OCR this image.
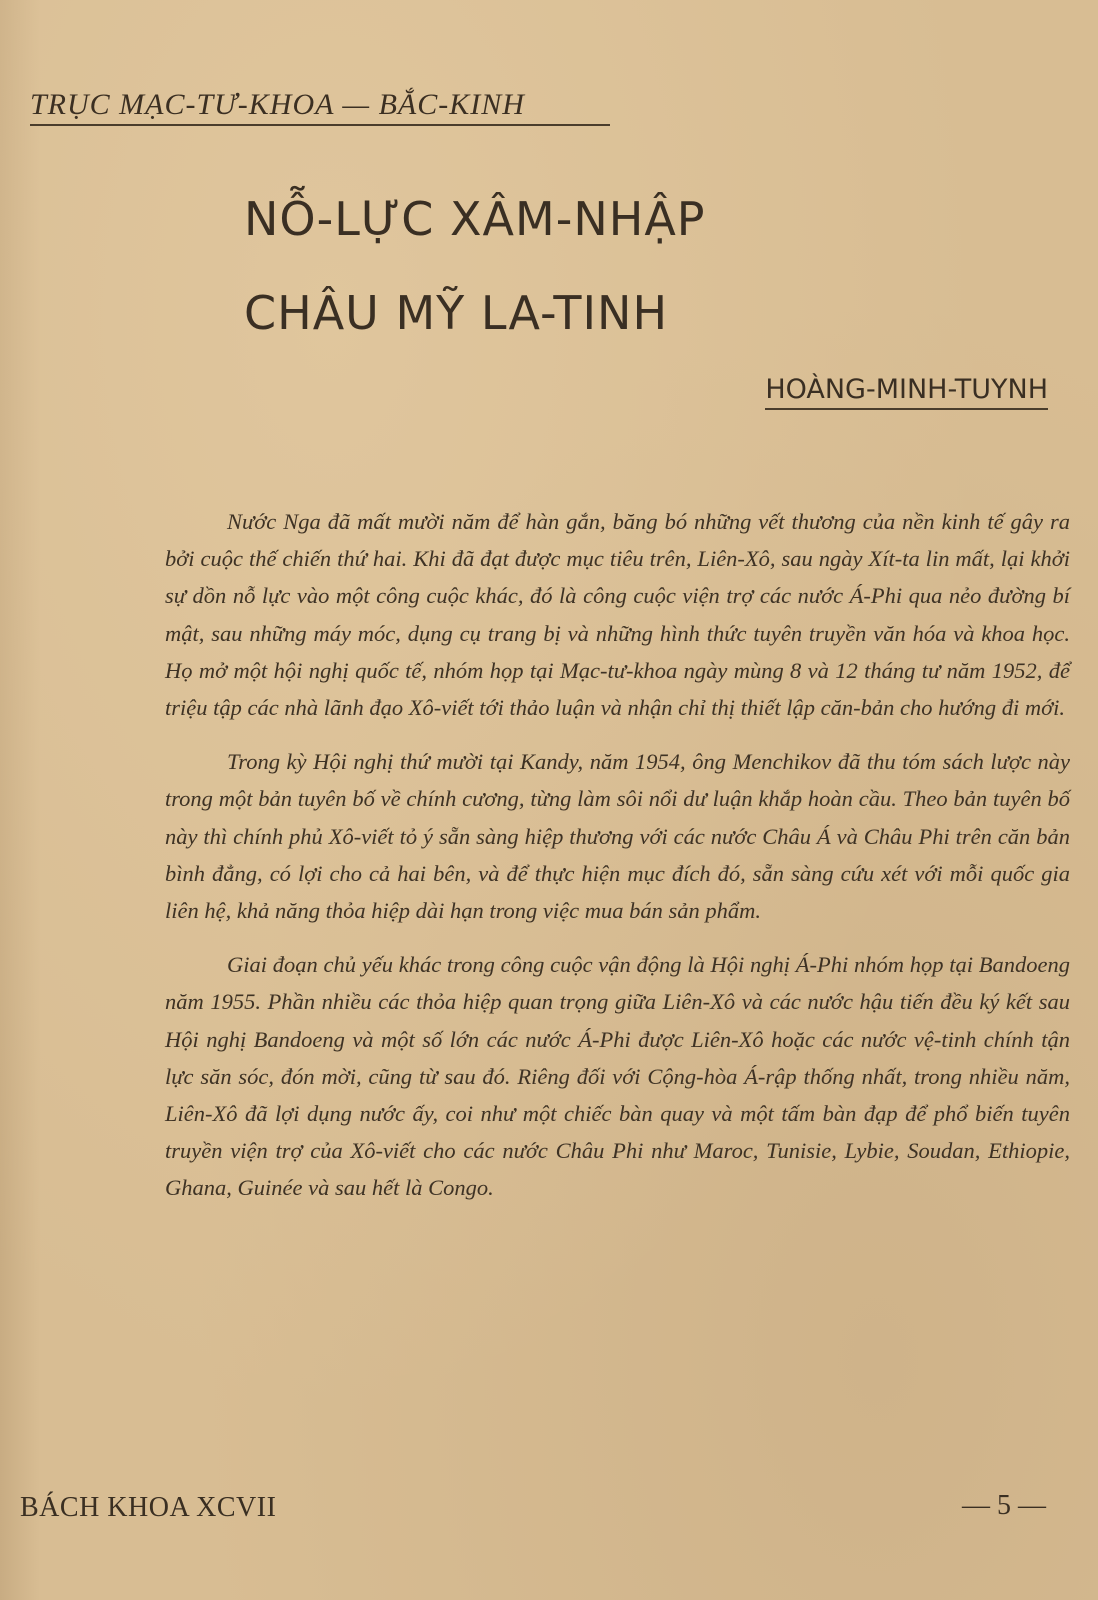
TRỤC MẠC-TƯ-KHOA — BẮC-KINH
NỖ-LỰC XÂM-NHẬP
CHÂU MỸ LA-TINH
HOÀNG-MINH-TUYNH

Nước Nga đã mất mười năm để hàn gắn, băng bó những vết thương của nền kinh tế gây ra bởi cuộc thế chiến thứ hai. Khi đã đạt được mục tiêu trên, Liên-Xô, sau ngày Xít-ta lin mất, lại khởi sự dồn nỗ lực vào một công cuộc khác, đó là công cuộc viện trợ các nước Á-Phi qua nẻo đường bí mật, sau những máy móc, dụng cụ trang bị và những hình thức tuyên truyền văn hóa và khoa học. Họ mở một hội nghị quốc tế, nhóm họp tại Mạc-tư-khoa ngày mùng 8 và 12 tháng tư năm 1952, để triệu tập các nhà lãnh đạo Xô-viết tới thảo luận và nhận chỉ thị thiết lập căn-bản cho hướng đi mới.

Trong kỳ Hội nghị thứ mười tại Kandy, năm 1954, ông Menchikov đã thu tóm sách lược này trong một bản tuyên bố về chính cương, từng làm sôi nổi dư luận khắp hoàn cầu. Theo bản tuyên bố này thì chính phủ Xô-viết tỏ ý sẵn sàng hiệp thương với các nước Châu Á và Châu Phi trên căn bản bình đẳng, có lợi cho cả hai bên, và để thực hiện mục đích đó, sẵn sàng cứu xét với mỗi quốc gia liên hệ, khả năng thỏa hiệp dài hạn trong việc mua bán sản phẩm.

Giai đoạn chủ yếu khác trong công cuộc vận động là Hội nghị Á-Phi nhóm họp tại Bandoeng năm 1955. Phần nhiều các thỏa hiệp quan trọng giữa Liên-Xô và các nước hậu tiến đều ký kết sau Hội nghị Bandoeng và một số lớn các nước Á-Phi được Liên-Xô hoặc các nước vệ-tinh chính tận lực săn sóc, đón mời, cũng từ sau đó. Riêng đối với Cộng-hòa Á-rập thống nhất, trong nhiều năm, Liên-Xô đã lợi dụng nước ấy, coi như một chiếc bàn quay và một tấm bàn đạp để phổ biến tuyên truyền viện trợ của Xô-viết cho các nước Châu Phi như Maroc, Tunisie, Lybie, Soudan, Ethiopie, Ghana, Guinée và sau hết là Congo.

BÁCH KHOA XCVII	— 5 —
